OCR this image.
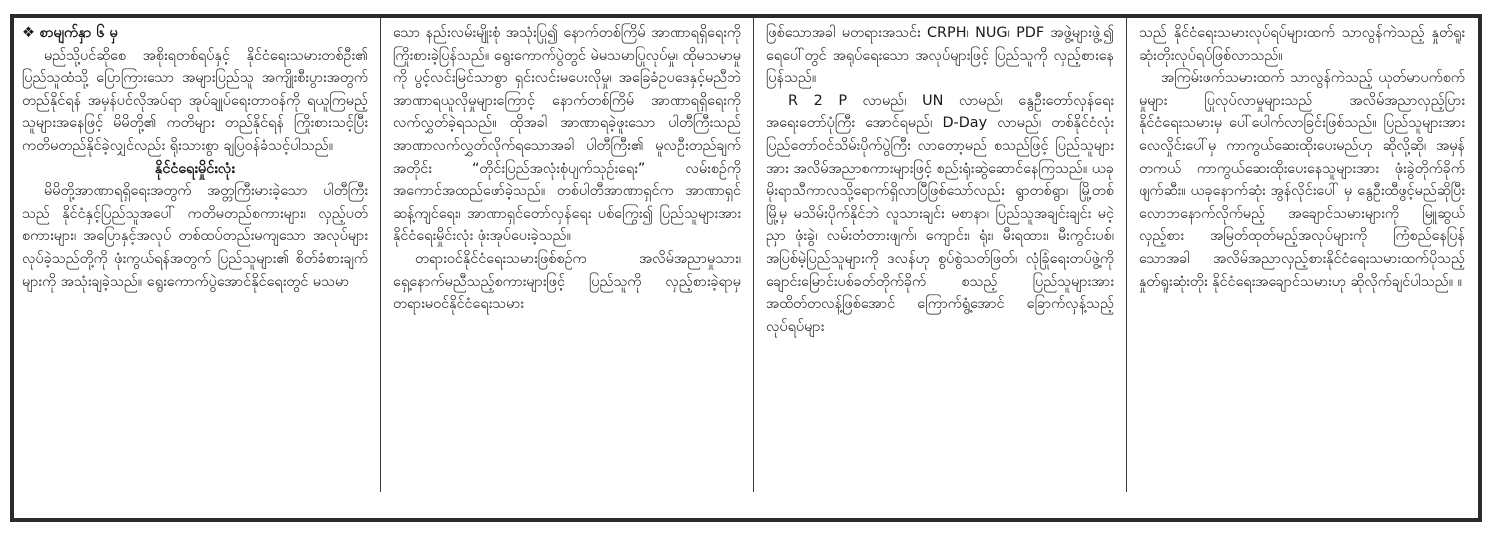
❖ စာမျက်နှာ ၆ မှ

မည်သို့ပင်ဆိုစေ အစိုးရတစ်ရပ်နှင့် နိုင်ငံရေးသမားတစ်ဦး၏ ပြည်သူထံသို့ ပြောကြားသော အများပြည်သူ အကျိုးစီးပွားအတွက် တည်နိုင်ရန် အမှန်ပင်လိုအပ်ရာ အုပ်ချုပ်ရေးတာဝန်ကို ရယူကြမည့်သူများအနေဖြင့် မိမိတို့၏ ကတိများ တည်နိုင်ရန် ကြိုးစားသင့်ပြီး ကတိမတည်နိုင်ခဲ့လျှင်လည်း ရိုးသားစွာ ချပြဝန်ခံသင့်ပါသည်။

နိုင်ငံရေးမှိုင်းလုံး

မိမိတို့အာဏာရရှိရေးအတွက် အတ္တကြီးမားခဲ့သော ပါတီကြီးသည် နိုင်ငံနှင့်ပြည်သူအပေါ် ကတိမတည်စကားများ၊ လှည့်ပတ်စကားများ၊ အပြောနှင့်အလုပ် တစ်ထပ်တည်းမကျသော အလုပ်များ လုပ်ခဲ့သည်တို့ကို ဖုံးကွယ်ရန်အတွက် ပြည်သူများ၏ စိတ်ခံစားချက်များကို အသုံးချခဲ့သည်။ ရွေးကောက်ပွဲအောင်နိုင်ရေးတွင် မသမာ

သော နည်းလမ်းမျိုးစုံ အသုံးပြု၍ နောက်တစ်ကြိမ် အာဏာရရှိရေးကို ကြိုးစားခဲ့ပြန်သည်။ ရွေးကောက်ပွဲတွင် မဲမသမာပြုလုပ်မှု၊ ထိုမသမာမှုကို ပွင့်လင်းမြင်သာစွာ ရှင်းလင်းမပေးလိုမှု၊ အခြေခံဥပဒေနှင့်မညီဘဲ အာဏာရယူလိုမှုများကြောင့် နောက်တစ်ကြိမ် အာဏာရရှိရေးကို လက်လွှတ်ခဲ့ရသည်။ ထိုအခါ အာဏာရခဲ့ဖူးသော ပါတီကြီးသည် အာဏာလက်လွှတ်လိုက်ရသောအခါ ပါတီကြီး၏ မူလဦးတည်ချက်အတိုင်း “တိုင်းပြည်အလုံးစုံပျက်သုဉ်းရေး” လမ်းစဉ်ကို အကောင်အထည်ဖော်ခဲ့သည်။ တစ်ပါတီအာဏာရှင်က အာဏာရှင်ဆန့်ကျင်ရေး၊ အာဏာရှင်တော်လှန်ရေး ပစ်ကြွေး၍ ပြည်သူများအား နိုင်ငံရေးမှိုင်းလုံး ဖုံးအုပ်ပေးခဲ့သည်။

တရားဝင်နိုင်ငံရေးသမားဖြစ်စဉ်က အလိမ်အညာမှုသား၊ ရှေ့နောက်မညီသည့်စကားများဖြင့် ပြည်သူကို လှည့်စားခဲ့ရာမှ တရားမဝင်နိုင်ငံရေးသမား

ဖြစ်သောအခါ မတရားအသင်း CRPH၊ NUG၊ PDF အဖွဲ့များဖွဲ့၍ ရေပေါ်တွင် အရုပ်ရေးသော အလုပ်များဖြင့် ပြည်သူကို လှည့်စားနေပြန်သည်။

R 2 P လာမည်၊ UN လာမည်၊ နွေဦးတော်လှန်ရေး အရေးတော်ပုံကြီး အောင်ရမည်၊ D-Day လာမည်၊ တစ်နိုင်ငံလုံး ပြည်တော်ဝင်သိမ်းပိုက်ပွဲကြီး လာတော့မည် စသည်ဖြင့် ပြည်သူများအား အလိမ်အညာစကားများဖြင့် စည်းရုံးဆွဲဆောင်နေကြသည်။ ယခုမိုးရာသီကာလသို့ရောက်ရှိလာပြီဖြစ်သော်လည်း ရွာတစ်ရွာ၊ မြို့တစ်မြို့မှ မသိမ်းပိုက်နိုင်ဘဲ လူသားချင်း မစာနာ၊ ပြည်သူအချင်းချင်း မငဲ့ညှာ ဖုံးခွဲ၊ လမ်းတံတားဖျက်၊ ကျောင်း၊ ရုံး၊ မီးရထား၊ မီးကွင်းပစ်၊ အပြစ်မဲ့ပြည်သူများကို ဒလန်ဟု စွပ်စွဲသတ်ဖြတ်၊ လုံခြုံရေးတပ်ဖွဲ့ကို ချောင်းမြောင်းပစ်ခတ်တိုက်ခိုက် စသည့် ပြည်သူများအား အထိတ်တလန့်ဖြစ်အောင် ကြောက်ရွံ့အောင် ခြောက်လှန့်သည့်လုပ်ရပ်များ

သည် နိုင်ငံရေးသမားလုပ်ရပ်များထက် သာလွန်ကဲသည့် နှုတ်ရူးဆုံးတိုးလုပ်ရပ်ဖြစ်လာသည်။

အကြမ်းဖက်သမားထက် သာလွန်ကဲသည့် ယုတ်မာပက်စက်မှုများ ပြုလုပ်လာမှုများသည် အလိမ်အညာလှည့်ပြား နိုင်ငံရေးသမားမှ ပေါ်ပေါက်လာခြင်းဖြစ်သည်။ ပြည်သူများအား လေလှိုင်းပေါ်မှ ကာကွယ်ဆေးထိုးပေးမည်ဟု ဆိုလို့ဆို၊ အမှန်တကယ် ကာကွယ်ဆေးထိုးပေးနေသူများအား ဖုံးခွဲတိုက်ခိုက်ဖျက်ဆီး။ ယခုနောက်ဆုံး အွန်လိုင်းပေါ် မှ နွေဦးထီဖွင့်မည်ဆိုပြီး လောဘနောက်လိုက်မည့် အချောင်သမားများကို မြူဆွယ်လှည့်စား အမြတ်ထုတ်မည့်အလုပ်များကို ကြံစည်နေပြန်သောအခါ အလိမ်အညာလှည့်စားနိုင်ငံရေးသမားထက်ပိုသည့် နှုတ်ရူးဆုံးတိုး နိုင်ငံရေးအချောင်သမားဟု ဆိုလိုက်ချင်ပါသည်။ ။
